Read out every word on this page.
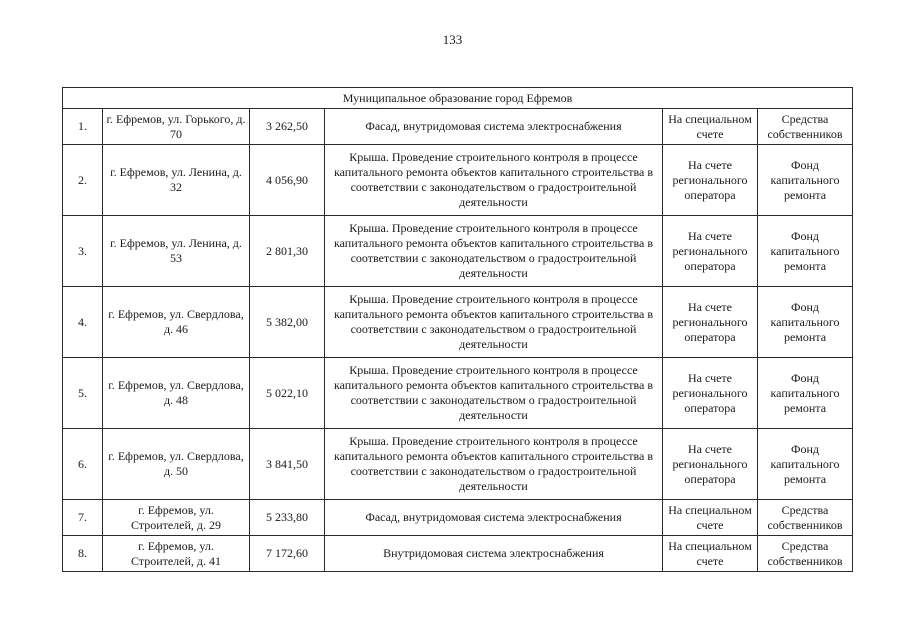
133
Муниципальное образование город Ефремов					
1.	г. Ефремов, ул. Горького, д. 70	3 262,50	Фасад, внутридомовая система электроснабжения	На специальном счете	Средства собственников
2.	г. Ефремов, ул. Ленина, д. 32	4 056,90	Крыша. Проведение строительного контроля в процессе капитального ремонта объектов капитального строительства в соответствии с законодательством о градостроительной деятельности	На счете регионального оператора	Фонд капитального ремонта
3.	г. Ефремов, ул. Ленина, д. 53	2 801,30	Крыша. Проведение строительного контроля в процессе капитального ремонта объектов капитального строительства в соответствии с законодательством о градостроительной деятельности	На счете регионального оператора	Фонд капитального ремонта
4.	г. Ефремов, ул. Свердлова, д. 46	5 382,00	Крыша. Проведение строительного контроля в процессе капитального ремонта объектов капитального строительства в соответствии с законодательством о градостроительной деятельности	На счете регионального оператора	Фонд капитального ремонта
5.	г. Ефремов, ул. Свердлова, д. 48	5 022,10	Крыша. Проведение строительного контроля в процессе капитального ремонта объектов капитального строительства в соответствии с законодательством о градостроительной деятельности	На счете регионального оператора	Фонд капитального ремонта
6.	г. Ефремов, ул. Свердлова, д. 50	3 841,50	Крыша. Проведение строительного контроля в процессе капитального ремонта объектов капитального строительства в соответствии с законодательством о градостроительной деятельности	На счете регионального оператора	Фонд капитального ремонта
7.	г. Ефремов, ул. Строителей, д. 29	5 233,80	Фасад, внутридомовая система электроснабжения	На специальном счете	Средства собственников
8.	г. Ефремов, ул. Строителей, д. 41	7 172,60	Внутридомовая система электроснабжения	На специальном счете	Средства собственников
